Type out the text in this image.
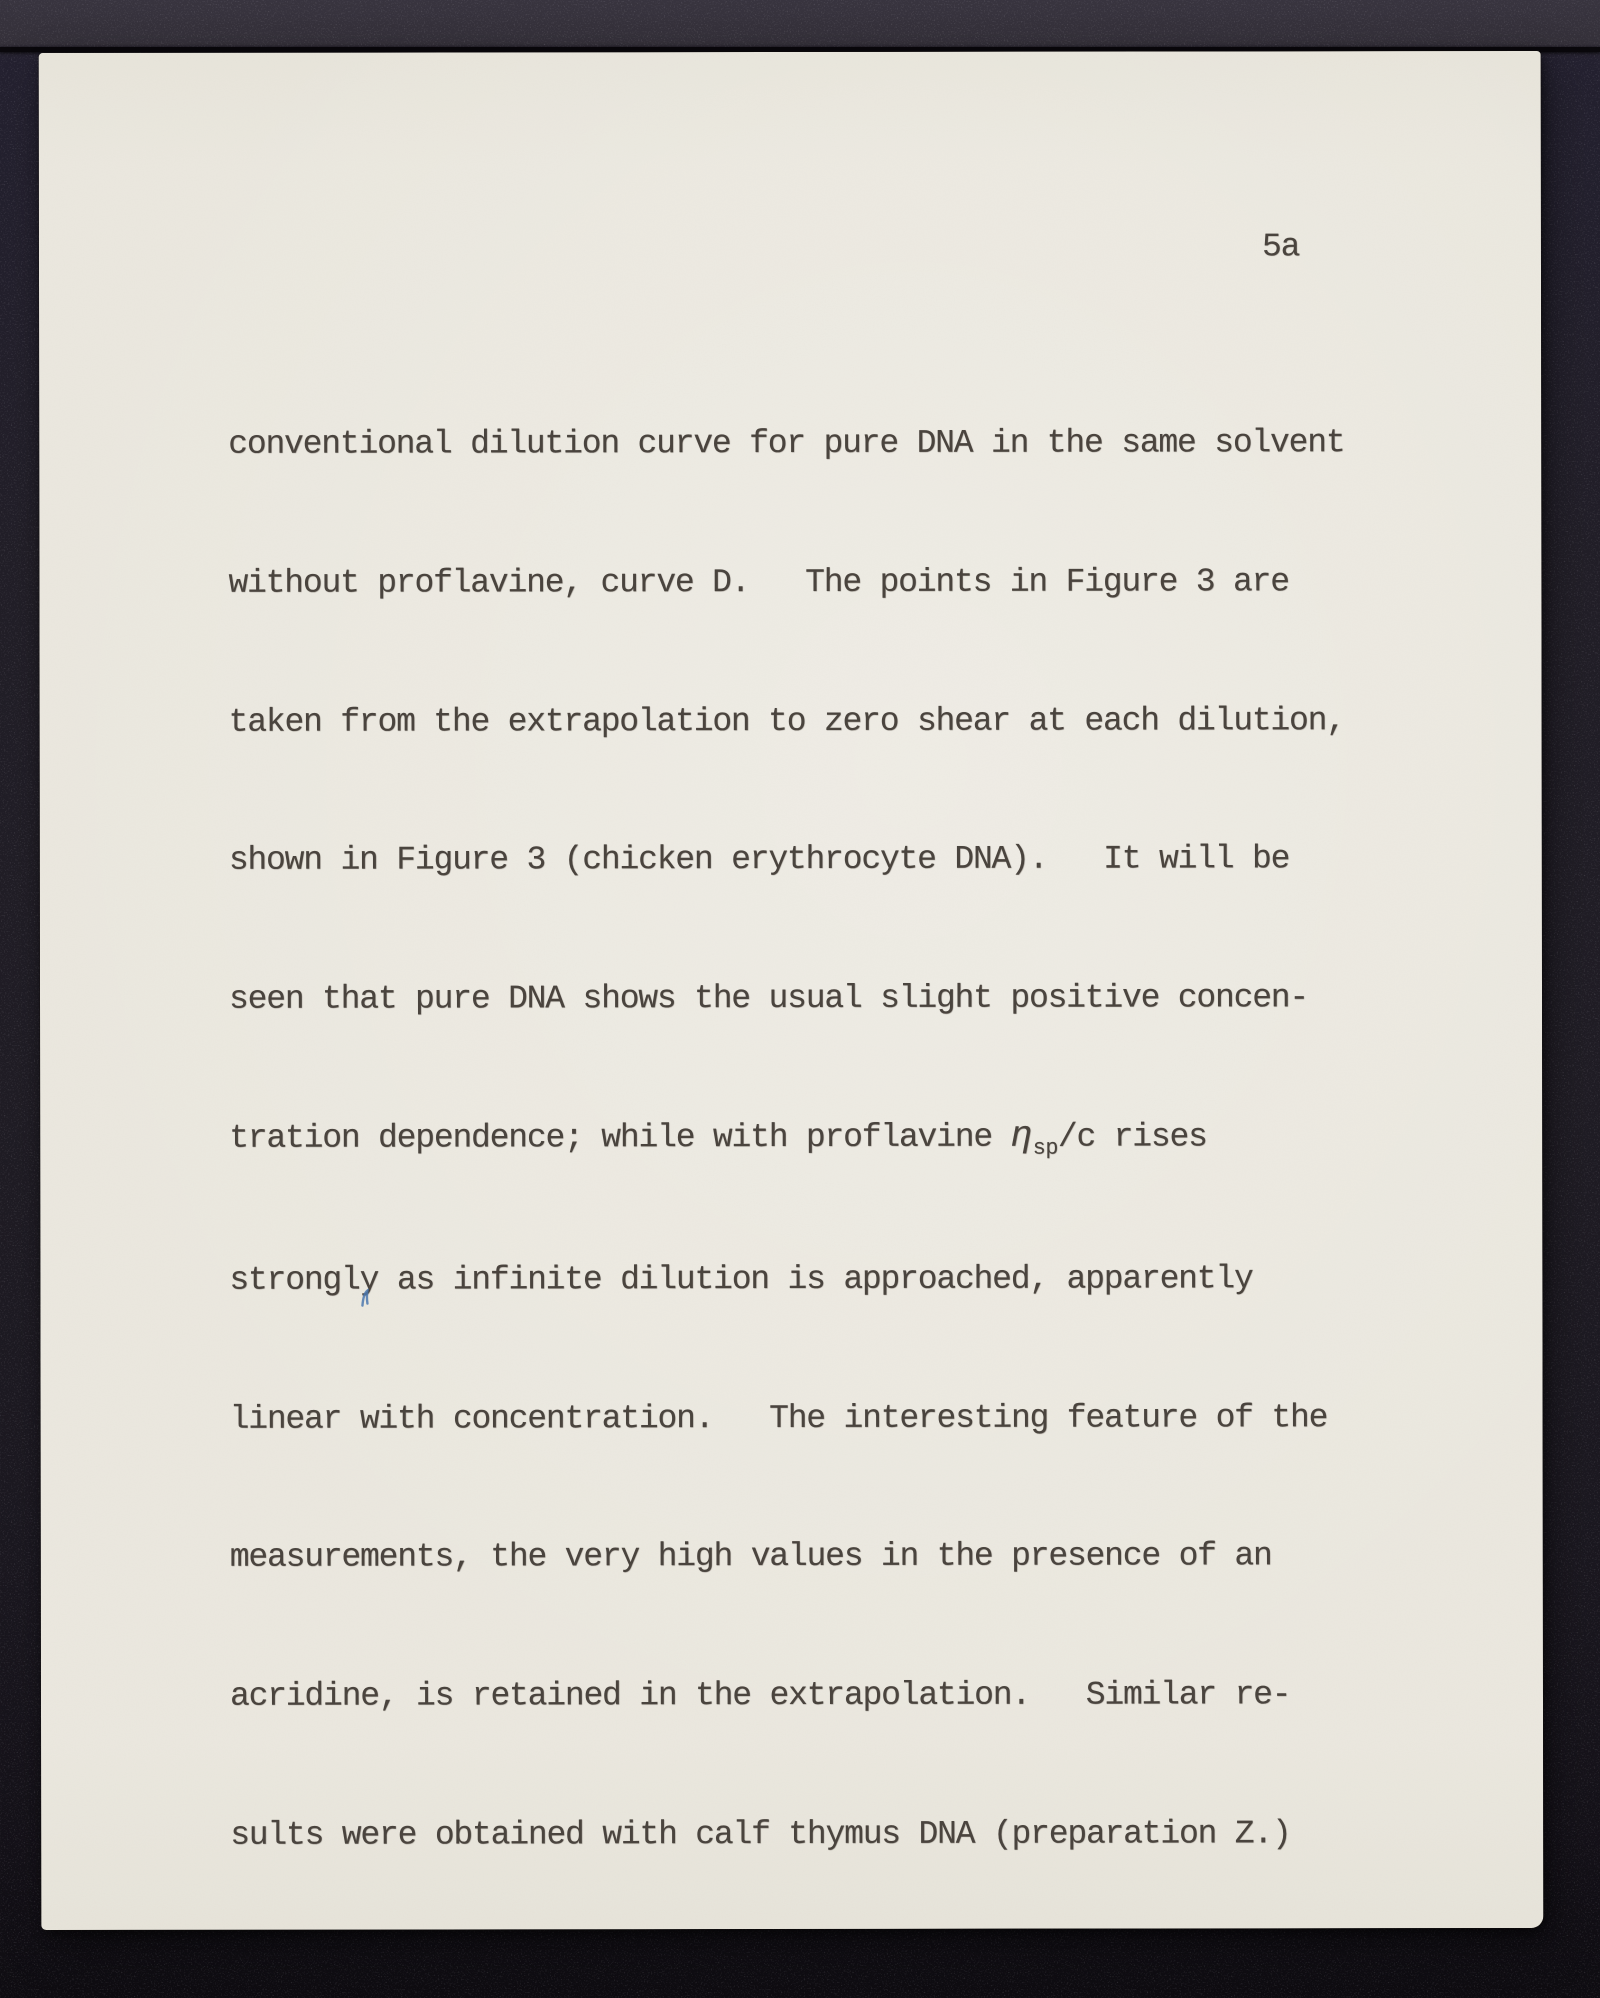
5a

conventional dilution curve for pure DNA in the same solvent

without proflavine, curve D.   The points in Figure 3 are

taken from the extrapolation to zero shear at each dilution,

shown in Figure 3 (chicken erythrocyte DNA).   It will be

seen that pure DNA shows the usual slight positive concen-

tration dependence; while with proflavine $\eta_{sp}/c$ rises

strongly as infinite dilution is approached, apparently

linear with concentration.   The interesting feature of the

measurements, the very high values in the presence of an

acridine, is retained in the extrapolation.   Similar re-

sults were obtained with calf thymus DNA (preparation Z.)
